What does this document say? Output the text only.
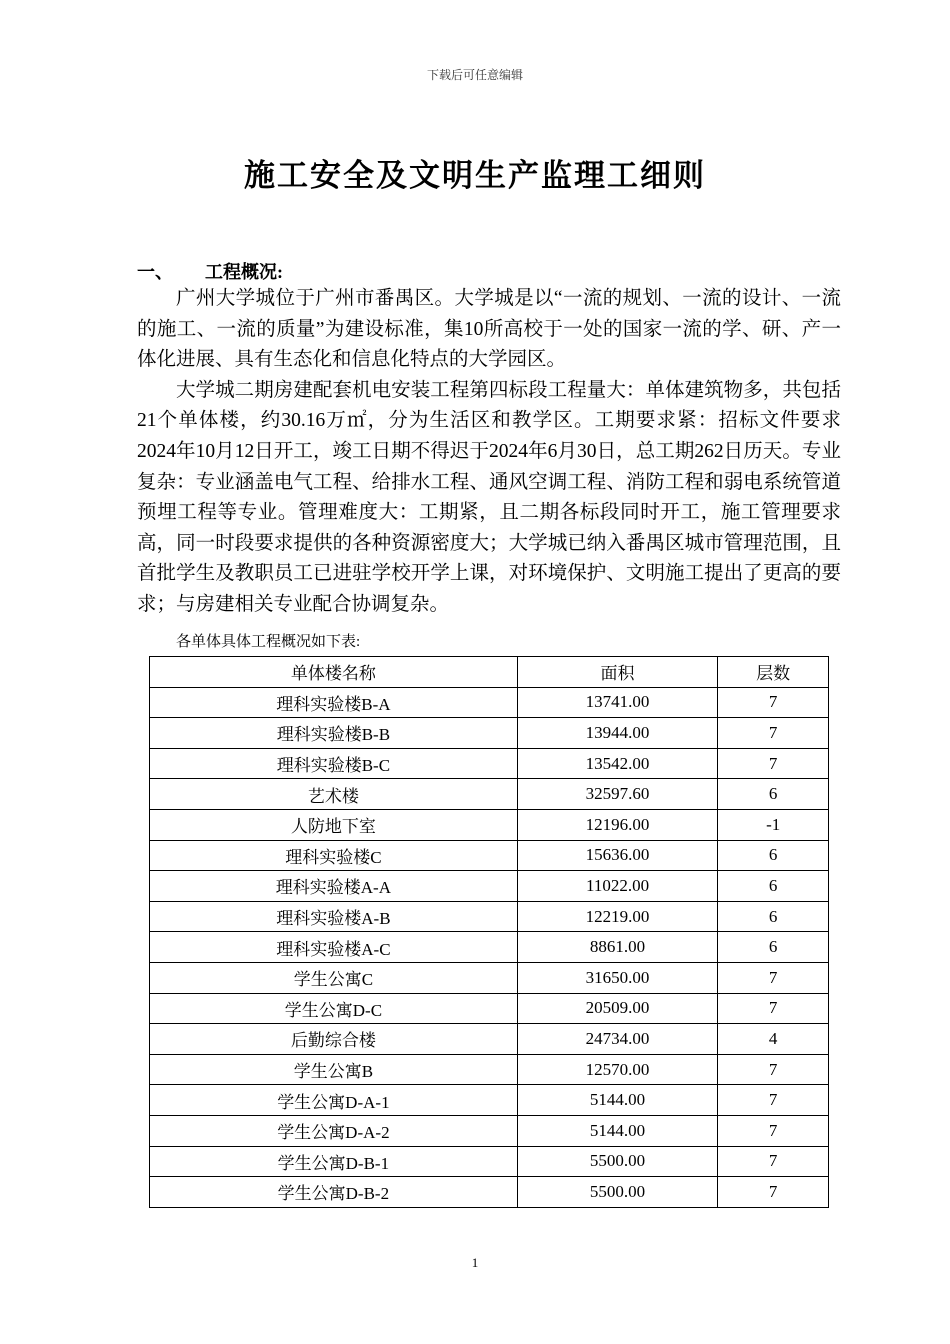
下载后可任意编辑
施工安全及文明生产监理工细则
一、 工程概况:

广州大学城位于广州市番禺区。大学城是以“一流的规划、一流的设计、一流的施工、一流的质量”为建设标准，集10所高校于一处的国家一流的学、研、产一体化进展、具有生态化和信息化特点的大学园区。

大学城二期房建配套机电安装工程第四标段工程量大：单体建筑物多，共包括21个单体楼，约30.16万㎡，分为生活区和教学区。工期要求紧：招标文件要求2024年10月12日开工，竣工日期不得迟于2024年6月30日，总工期262日历天。专业复杂：专业涵盖电气工程、给排水工程、通风空调工程、消防工程和弱电系统管道预埋工程等专业。管理难度大：工期紧，且二期各标段同时开工，施工管理要求高，同一时段要求提供的各种资源密度大；大学城已纳入番禺区城市管理范围，且首批学生及教职员工已进驻学校开学上课，对环境保护、文明施工提出了更高的要求；与房建相关专业配合协调复杂。

各单体具体工程概况如下表:
单体楼名称	面积	层数
理科实验楼B-A	13741.00	7
理科实验楼B-B	13944.00	7
理科实验楼B-C	13542.00	7
艺术楼	32597.60	6
人防地下室	12196.00	-1
理科实验楼C	15636.00	6
理科实验楼A-A	11022.00	6
理科实验楼A-B	12219.00	6
理科实验楼A-C	8861.00	6
学生公寓C	31650.00	7
学生公寓D-C	20509.00	7
后勤综合楼	24734.00	4
学生公寓B	12570.00	7
学生公寓D-A-1	5144.00	7
学生公寓D-A-2	5144.00	7
学生公寓D-B-1	5500.00	7
学生公寓D-B-2	5500.00	7
1
